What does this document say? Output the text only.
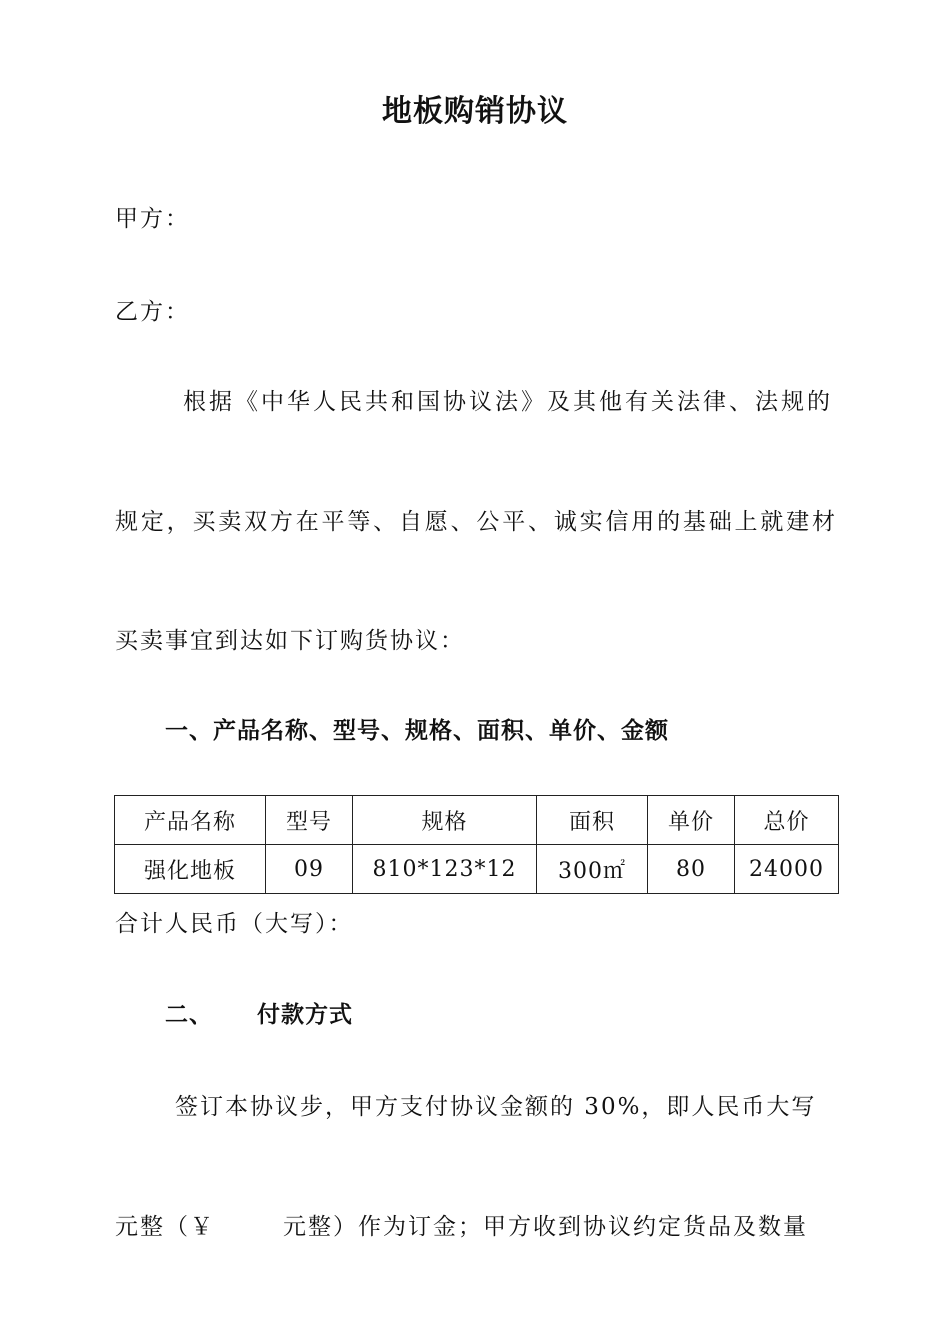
地板购销协议
甲方：
乙方：
根据《中华人民共和国协议法》及其他有关法律、法规的
规定，买卖双方在平等、自愿、公平、诚实信用的基础上就建材
买卖事宜到达如下订购货协议：
一、产品名称、型号、规格、面积、单价、金额
产品名称	型号	规格	面积	单价	总价
强化地板	09	810*123*12	300㎡	80	24000
合计人民币（大写）：
二、 付款方式
签订本协议步，甲方支付协议金额的 30%，即人民币大写
元整（￥	元整）作为订金；甲方收到协议约定货品及数量
